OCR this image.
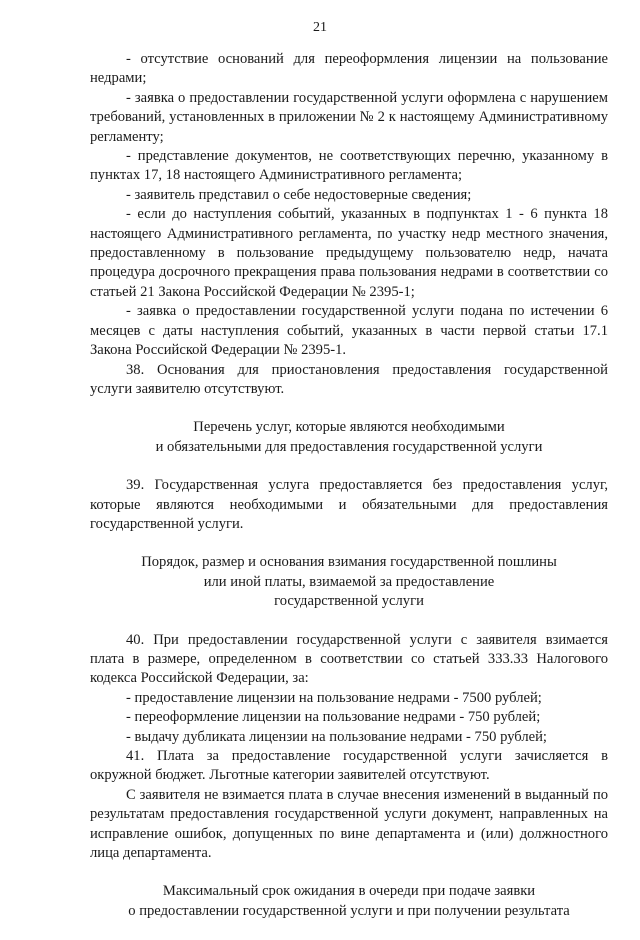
21

- отсутствие оснований для переоформления лицензии на пользование недрами;

- заявка о предоставлении государственной услуги оформлена с нарушением требований, установленных в приложении № 2 к настоящему Административному регламенту;

- представление документов, не соответствующих перечню, указанному в пунктах 17, 18 настоящего Административного регламента;

- заявитель представил о себе недостоверные сведения;

- если до наступления событий, указанных в подпунктах 1 - 6 пункта 18 настоящего Административного регламента, по участку недр местного значения, предоставленному в пользование предыдущему пользователю недр, начата процедура досрочного прекращения права пользования недрами в соответствии со статьей 21 Закона Российской Федерации № 2395-1;

- заявка о предоставлении государственной услуги подана по истечении 6 месяцев с даты наступления событий, указанных в части первой статьи 17.1 Закона Российской Федерации № 2395-1.

38. Основания для приостановления предоставления государственной услуги заявителю отсутствуют.

Перечень услуг, которые являются необходимыми
и обязательными для предоставления государственной услуги

39. Государственная услуга предоставляется без предоставления услуг, которые являются необходимыми и обязательными для предоставления государственной услуги.

Порядок, размер и основания взимания государственной пошлины
или иной платы, взимаемой за предоставление
государственной услуги

40. При предоставлении государственной услуги с заявителя взимается плата в размере, определенном в соответствии со статьей 333.33 Налогового кодекса Российской Федерации, за:

- предоставление лицензии на пользование недрами - 7500 рублей;

- переоформление лицензии на пользование недрами - 750 рублей;

- выдачу дубликата лицензии на пользование недрами - 750 рублей;

41. Плата за предоставление государственной услуги зачисляется в окружной бюджет. Льготные категории заявителей отсутствуют.

С заявителя не взимается плата в случае внесения изменений в выданный по результатам предоставления государственной услуги документ, направленных на исправление ошибок, допущенных по вине департамента и (или) должностного лица департамента.

Максимальный срок ожидания в очереди при подаче заявки
о предоставлении государственной услуги и при получении результата
